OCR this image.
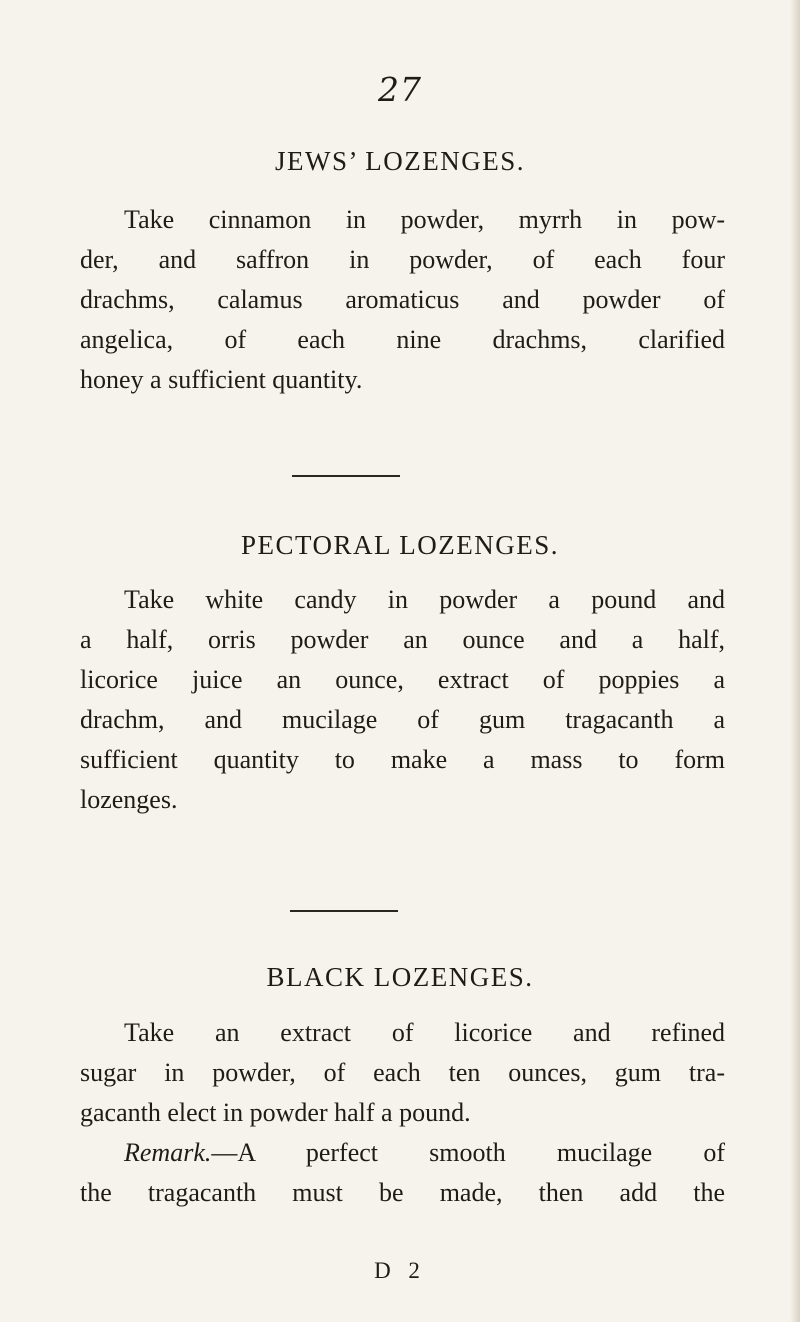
27
JEWS’ LOZENGES.
Take cinnamon in powder, myrrh in pow-
der, and saffron in powder, of each four
drachms, calamus aromaticus and powder of
angelica, of each nine drachms, clarified
honey a sufficient quantity.
PECTORAL LOZENGES.
Take white candy in powder a pound and
a half, orris powder an ounce and a half,
licorice juice an ounce, extract of poppies a
drachm, and mucilage of gum tragacanth a
sufficient quantity to make a mass to form
lozenges.
BLACK LOZENGES.
Take an extract of licorice and refined
sugar in powder, of each ten ounces, gum tra-
gacanth elect in powder half a pound.
Remark.—A perfect smooth mucilage of
the tragacanth must be made, then add the
D 2
